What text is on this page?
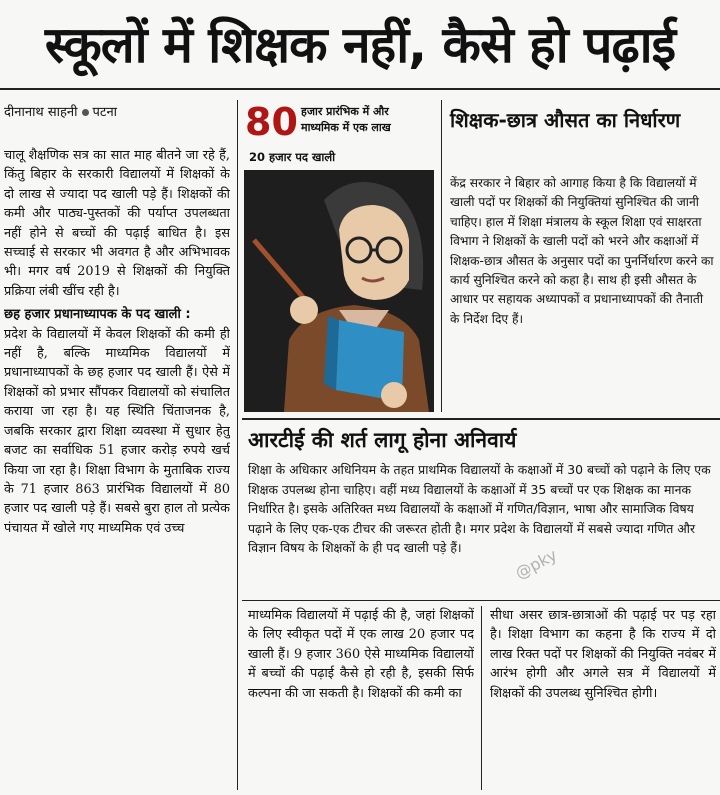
स्कूलों में शिक्षक नहीं, कैसे हो पढ़ाई
दीनानाथ साहनी पटना

चालू शैक्षणिक सत्र का सात माह बीतने जा रहे हैं, किंतु बिहार के सरकारी विद्यालयों में शिक्षकों के दो लाख से ज्यादा पद खाली पड़े हैं। शिक्षकों की कमी और पाठ्य-पुस्तकों की पर्याप्त उपलब्धता नहीं होने से बच्चों की पढ़ाई बाधित है। इस सच्चाई से सरकार भी अवगत है और अभिभावक भी। मगर वर्ष 2019 से शिक्षकों की नियुक्ति प्रक्रिया लंबी खींच रही है।

छह हजार प्रधानाध्यापक के पद खाली :

प्रदेश के विद्यालयों में केवल शिक्षकों की कमी ही नहीं है, बल्कि माध्यमिक विद्यालयों में प्रधानाध्यापकों के छह हजार पद खाली हैं। ऐसे में शिक्षकों को प्रभार सौंपकर विद्यालयों को संचालित कराया जा रहा है। यह स्थिति चिंताजनक है, जबकि सरकार द्वारा शिक्षा व्यवस्था में सुधार हेतु बजट का सर्वाधिक 51 हजार करोड़ रुपये खर्च किया जा रहा है। शिक्षा विभाग के मुताबिक राज्य के 71 हजार 863 प्रारंभिक विद्यालयों में 80 हजार पद खाली पड़े हैं। सबसे बुरा हाल तो प्रत्येक पंचायत में खोले गए माध्यमिक एवं उच्च

80 हजार प्रारंभिक में और माध्यमिक में एक लाख
20 हजार पद खाली
शिक्षक-छात्र औसत का निर्धारण
केंद्र सरकार ने बिहार को आगाह किया है कि विद्यालयों में खाली पदों पर शिक्षकों की नियुक्तियां सुनिश्चित की जानी चाहिए। हाल में शिक्षा मंत्रालय के स्कूल शिक्षा एवं साक्षरता विभाग ने शिक्षकों के खाली पदों को भरने और कक्षाओं में शिक्षक-छात्र औसत के अनुसार पदों का पुनर्निर्धारण करने का कार्य सुनिश्चित करने को कहा है। साथ ही इसी औसत के आधार पर सहायक अध्यापकों व प्रधानाध्यापकों की तैनाती के निर्देश दिए हैं।
आरटीई की शर्त लागू होना अनिवार्य
शिक्षा के अधिकार अधिनियम के तहत प्राथमिक विद्यालयों के कक्षाओं में 30 बच्चों को पढ़ाने के लिए एक शिक्षक उपलब्ध होना चाहिए। वहीं मध्य विद्यालयों के कक्षाओं में 35 बच्चों पर एक शिक्षक का मानक निर्धारित है। इसके अतिरिक्त मध्य विद्यालयों के कक्षाओं में गणित/विज्ञान, भाषा और सामाजिक विषय पढ़ाने के लिए एक-एक टीचर की जरूरत होती है। मगर प्रदेश के विद्यालयों में सबसे ज्यादा गणित और विज्ञान विषय के शिक्षकों के ही पद खाली पड़े हैं।
माध्यमिक विद्यालयों में पढ़ाई की है, जहां शिक्षकों के लिए स्वीकृत पदों में एक लाख 20 हजार पद खाली हैं। 9 हजार 360 ऐसे माध्यमिक विद्यालयों में बच्चों की पढ़ाई कैसे हो रही है, इसकी सिर्फ कल्पना की जा सकती है। शिक्षकों की कमी का
सीधा असर छात्र-छात्राओं की पढ़ाई पर पड़ रहा है। शिक्षा विभाग का कहना है कि राज्य में दो लाख रिक्त पदों पर शिक्षकों की नियुक्ति नवंबर में आरंभ होगी और अगले सत्र में विद्यालयों में शिक्षकों की उपलब्ध सुनिश्चित होगी।
@pky
